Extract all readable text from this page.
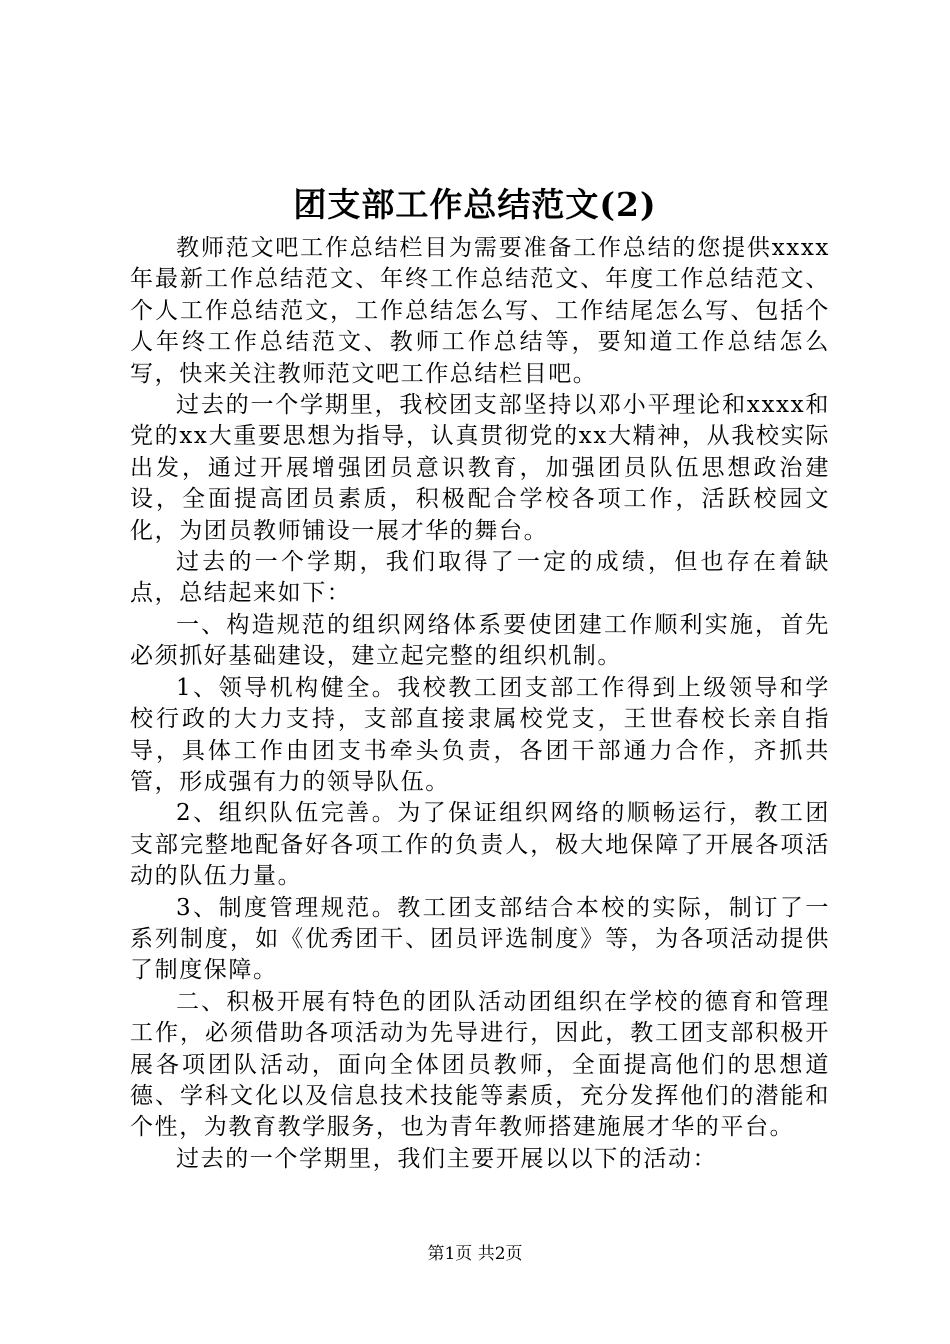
团支部工作总结范文(2)

教师范文吧工作总结栏目为需要准备工作总结的您提供xxxx年最新工作总结范文、年终工作总结范文、年度工作总结范文、个人工作总结范文，工作总结怎么写、工作结尾怎么写、包括个人年终工作总结范文、教师工作总结等，要知道工作总结怎么写，快来关注教师范文吧工作总结栏目吧。

过去的一个学期里，我校团支部坚持以邓小平理论和xxxx和党的xx大重要思想为指导，认真贯彻党的xx大精神，从我校实际出发，通过开展增强团员意识教育，加强团员队伍思想政治建设，全面提高团员素质，积极配合学校各项工作，活跃校园文化，为团员教师铺设一展才华的舞台。

过去的一个学期，我们取得了一定的成绩，但也存在着缺点，总结起来如下：

一、构造规范的组织网络体系要使团建工作顺利实施，首先必须抓好基础建设，建立起完整的组织机制。

1、领导机构健全。我校教工团支部工作得到上级领导和学校行政的大力支持，支部直接隶属校党支，王世春校长亲自指导，具体工作由团支书牵头负责，各团干部通力合作，齐抓共管，形成强有力的领导队伍。

2、组织队伍完善。为了保证组织网络的顺畅运行，教工团支部完整地配备好各项工作的负责人，极大地保障了开展各项活动的队伍力量。

3、制度管理规范。教工团支部结合本校的实际，制订了一系列制度，如《优秀团干、团员评选制度》等，为各项活动提供了制度保障。

二、积极开展有特色的团队活动团组织在学校的德育和管理工作，必须借助各项活动为先导进行，因此，教工团支部积极开展各项团队活动，面向全体团员教师，全面提高他们的思想道德、学科文化以及信息技术技能等素质，充分发挥他们的潜能和个性，为教育教学服务，也为青年教师搭建施展才华的平台。

过去的一个学期里，我们主要开展以以下的活动：

第1页 共2页
